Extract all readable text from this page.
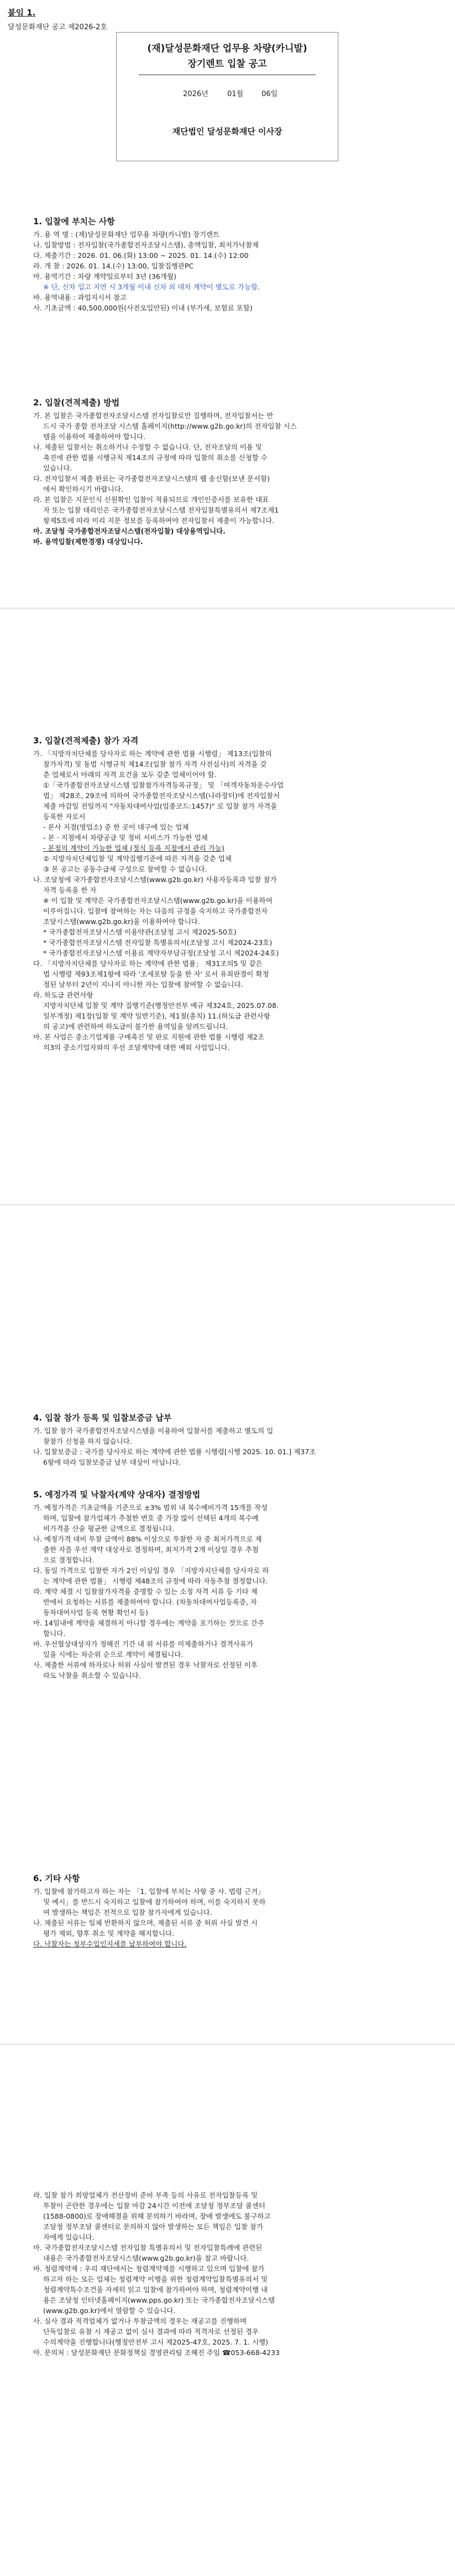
붙임 1.
달성문화재단 공고 제2026-2호
(재)달성문화재단 업무용 차량(카니발)
장기렌트 입찰 공고
2026년	01월	06일
재단법인 달성문화재단 이사장
1. 입찰에 부치는 사항
가. 용 역 명 : (재)달성문화재단 업무용 차량(카니발) 장기렌트
나. 입찰방법 : 전자입찰(국가종합전자조달시스템), 총액입찰, 최저가낙찰제
다. 제출기간 : 2026. 01. 06.(화) 13:00 ~ 2025. 01. 14.(수) 12:00
라. 개 찰 : 2026. 01. 14.(수) 13:00, 입찰집행관PC
마. 용역기간 : 차량 계약일로부터 3년 (36개월)
※ 단, 신차 입고 지연 시 3개월 이내 신차 외 대차 계약이 별도로 가능함.
바. 용역내용 : 과업지시서 참고
사. 기초금액 : 40,500,000원(사전오입안된) 이내 (부가세, 보험료 포함)
2. 입찰(견적제출) 방법
가. 본 입찰은 국가종합전자조달시스템 전자입찰로만 집행하며, 전자입찰서는 반
드시 국가 종합 전자조달 시스템 홈페이지(http://www.g2b.go.kr)의 전자입찰 시스
템을 이용하여 제출하여야 합니다.
나. 제출된 입찰서는 취소하거나 수정할 수 없습니다. 단, 전자조달의 이용 및
촉진에 관한 법률 시행규칙 제14조의 규정에 따라 입찰의 취소를 신청할 수
있습니다.
다. 전자입찰서 제출 완료는 국가종합전자조달시스템의 웹 송신함(보낸 문서함)
에서 확인하시기 바랍니다.
라. 본 입찰은 지문인식 신원확인 입찰이 적용되므로 개인인증서를 보유한 대표
자 또는 입찰 대리인은 국가종합전자조달시스템 전자입찰특별유의서 제7조제1
항제5호에 따라 미리 지문 정보를 등록하여야 전자입찰서 제출이 가능합니다.
마. 조달청 국가종합전자조달시스템(전자입찰) 대상용역입니다.
바. 용역입찰(제한경쟁) 대상입니다.
3. 입찰(견적제출) 참가 자격
가. 「지방자치단체를 당사자로 하는 계약에 관한 법률 시행령」 제13조(입찰의
참가자격) 및 동법 시행규칙 제14조(입찰 참가 자격 사전심사)의 자격을 갖
춘 업체로서 아래의 자격 요건을 모두 갖춘 업체이어야 함.
①「국가종합전자조달시스템 입찰참가자격등록규정」 및 「여객자동차운수사업
법」 제28조, 29조에 의하여 국가종합전자조달시스템(나라장터)에 전자입찰서
제출 마감일 전일까지 "자동차대여사업(업종코드:1457)" 로 입찰 참가 자격을
등록한 자로서
- 본사 지점(영업소) 중 한 곳이 대구에 있는 업체
- 본 · 지점에서 차량공급 및 정비 서비스가 가능한 업체
- 본점의 계약이 가능한 업체 (정식 등록 지점에서 관리 가능)
② 지방자치단체입찰 및 계약집행기준에 따른 자격을 갖춘 업체
③ 본 공고는 공동수급체 구성으로 참여할 수 없습니다.
나. 조달청에 국가종합전자조달시스템(www.g2b.go.kr) 사용자등록과 입찰 참가
자격 등록을 한 자
※ 이 입찰 및 계약은 국가종합전자조달시스템(www.g2b.go.kr)을 이용하여
이루어집니다. 입찰에 참여하는 자는 다음의 규정을 숙지하고 국가종합전자
조달시스템(www.g2b.go.kr)을 이용하여야 합니다.
* 국가종합전자조달시스템 이용약관(조달청 고시 제2025-50호)
* 국가종합전자조달시스템 전자입찰 특별유의서(조달청 고시 제2024-23호)
* 국가종합전자조달시스템 이용료 계약자부담규정(조달청 고시 제2024-24호)
다. 「지방자치단체를 당사자로 하는 계약에 관한 법률」 제31조의5 및 같은
법 시행령 제93조제1항에 따라 '조세포탈 등을 한 자' 로서 유죄판결이 확정
정된 날부터 2년이 지나지 아니한 자는 입찰에 참여할 수 없습니다.
라. 하도급 관련사항
지방자치단체 입찰 및 계약 집행기준(행정안전부 예규 제324호, 2025.07.08.
일부개정) 제1장(입찰 및 계약 일반기준), 제1절(총칙) 11.(하도급 관련사항
의 공고)에 관련하여 하도급이 불가한 용역임을 알려드립니다.
마. 본 사업은 중소기업제품 구매촉진 및 판로 지원에 관한 법률 시행령 제2조
의3의 중소기업자와의 우선 조달계약에 대한 예외 사업입니다.
4. 입찰 참가 등록 및 입찰보증금 납부
가. 입찰 참가 국가종합전자조달시스템을 이용하여 입찰서를 제출하고 별도의 입
찰참가 신청을 하지 않습니다.
나. 입찰보증금 : 국가를 당사자로 하는 계약에 관한 법률 시행령[시행 2025. 10. 01.] 제37조
6항에 따라 입찰보증금 납부 대상이 아닙니다.
5. 예정가격 및 낙찰자(계약 상대자) 결정방법
가. 예정가격은 기초금액을 기준으로 ±3% 범위 내 복수예비가격 15개를 작성
하며, 입찰에 참가업체가 추첨한 번호 중 가장 많이 선택된 4개의 복수예
비가격을 산술 평균한 금액으로 결정됩니다.
나. 예정가격 대비 투찰 금액이 88% 이상으로 투찰한 자 중 최저가격으로 제
출한 자를 우선 계약 대상자로 결정하며, 최저가격 2개 이상일 경우 추첨
으로 결정합니다.
다. 동일 가격으로 입찰한 자가 2인 이상일 경우 「지방자치단체를 당사자로 하
는 계약에 관한 법률」 시행령 제48조의 규정에 따라 자동추첨 결정합니다.
라. 계약 체결 시 입찰참가자격을 증명할 수 있는 소정 자격 서류 등 기타 제
반에서 요청하는 서류를 제출하여야 합니다. (차동차대여사업등록증, 자
동차대여사업 등록 현황 확인서 등)
마. 14일내에 계약을 체결하지 아니할 경우에는 계약을 포기하는 것으로 간주
합니다.
바. 우선협상대상자가 정해진 기간 내 위 서류를 미제출하거나 결격사유가
있을 시에는 차순위 순으로 계약이 체결됩니다.
사. 제출한 서류에 하자로나 허위 사실이 발견된 경우 낙찰자로 선정된 이후
라도 낙찰을 취소할 수 있습니다.
6. 기타 사항
가. 입찰에 참가하고자 하는 자는 「1. 입찰에 부치는 사항 중 사. 법령 근거」
및 예시」를 반드시 숙지하고 입찰에 참가하여야 하며, 이를 숙지하지 못하
여 발생하는 책임은 전적으로 입찰 참가자에게 있습니다.
나. 제출된 서류는 일체 반환하지 않으며, 제출된 서류 중 허위 사실 발견 시
평가 제외, 향후 취소 및 계약을 해지합니다.
다. 낙찰자는 청부수입인지세를 납부하여야 합니다.
라. 입찰 참가 희망업체가 전산장비 준비 부족 등의 사유로 전자입찰등록 및
투찰이 곤란한 경우에는 입찰 마감 24시간 이전에 조달청 정부조달 콜센터
(1588-0800)로 장애해결을 위해 문의하기 바라며, 장애 발생에도 불구하고
조달청 정부조달 콜센터로 문의하지 않아 발생하는 모든 책임은 입찰 참가
자에게 있습니다.
마. 국가종합전자조달시스템 전자입찰 특별유의서 및 전자입찰특례에 관련된
내용은 국가종합전자조달시스템(www.g2b.go.kr)을 참고 바랍니다.
바. 청렴계약제 : 우리 재단에서는 청렴계약제를 시행하고 있으며 입찰에 참가
하고자 하는 모든 업체는 청렴계약 이행을 위한 청렴계약입찰특별유의서 및
청렴계약특수조건을 자세히 읽고 입찰에 참가하여야 하며, 청렴계약이행 내
용은 조달청 인터넷홈페이지(www.pps.go.kr) 또는 국가종합전자조달시스템
(www.g2b.go.kr)에서 열람할 수 있습니다.
사. 실사 결과 적격업체가 없거나 투찰금액의 경우는 재공고를 진행하며
단독입찰로 유찰 시 재공고 없이 실사 결과에 따라 적격자로 선정된 경우
수의계약을 진행합니다(행정안전부 고시 제2025-47호, 2025. 7. 1. 시행)
아. 문의처 : 달성문화재단 문화정책실 경영관리팀 조혜진 주임 ☎053-668-4233
